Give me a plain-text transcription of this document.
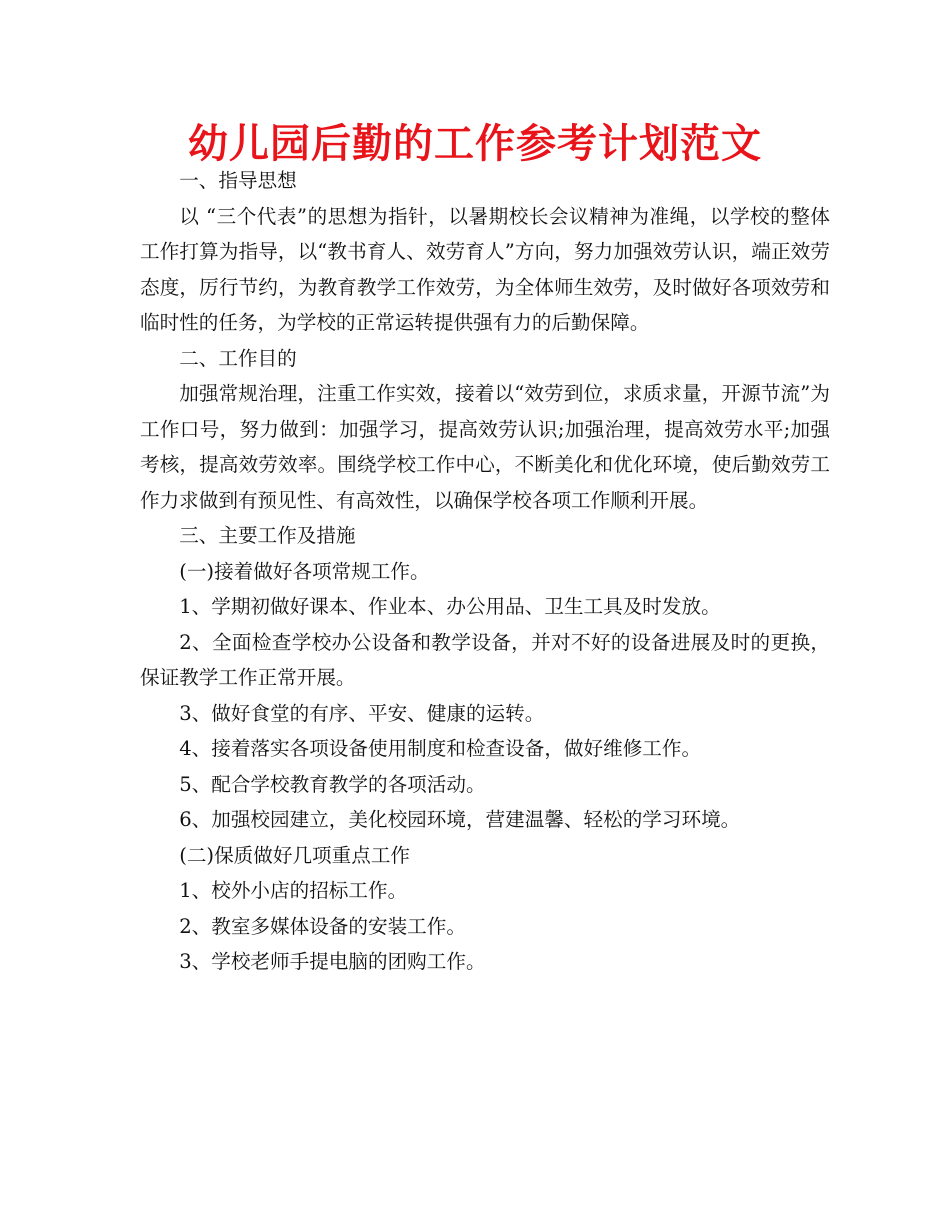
幼儿园后勤的工作参考计划范文

一、指导思想

以 “三个代表”的思想为指针，以暑期校长会议精神为准绳，以学校的整体工作打算为指导，以“教书育人、效劳育人”方向，努力加强效劳认识，端正效劳态度，厉行节约，为教育教学工作效劳，为全体师生效劳，及时做好各项效劳和临时性的任务，为学校的正常运转提供强有力的后勤保障。

二、工作目的

加强常规治理，注重工作实效，接着以“效劳到位，求质求量，开源节流”为工作口号，努力做到：加强学习，提高效劳认识;加强治理，提高效劳水平;加强考核，提高效劳效率。围绕学校工作中心，不断美化和优化环境，使后勤效劳工作力求做到有预见性、有高效性，以确保学校各项工作顺利开展。

三、主要工作及措施

(一)接着做好各项常规工作。

1、学期初做好课本、作业本、办公用品、卫生工具及时发放。

2、全面检查学校办公设备和教学设备，并对不好的设备进展及时的更换，保证教学工作正常开展。

3、做好食堂的有序、平安、健康的运转。

4、接着落实各项设备使用制度和检查设备，做好维修工作。

5、配合学校教育教学的各项活动。

6、加强校园建立，美化校园环境，营建温馨、轻松的学习环境。

(二)保质做好几项重点工作

1、校外小店的招标工作。

2、教室多媒体设备的安装工作。

3、学校老师手提电脑的团购工作。
